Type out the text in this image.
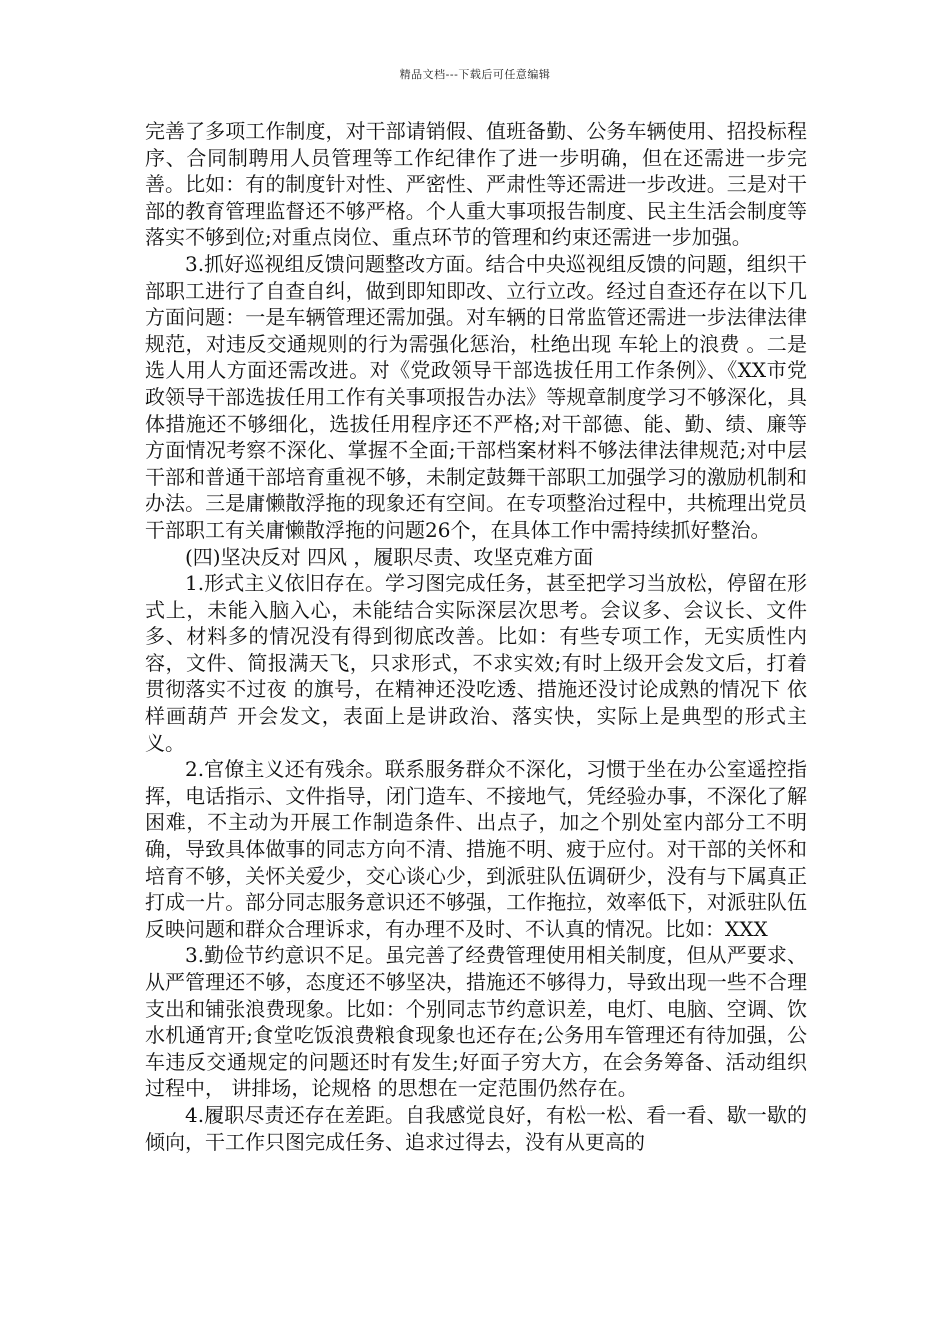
精品文档---下载后可任意编辑

完善了多项工作制度，对干部请销假、值班备勤、公务车辆使用、招投标程序、合同制聘用人员管理等工作纪律作了进一步明确，但在还需进一步完善。比如：有的制度针对性、严密性、严肃性等还需进一步改进。三是对干部的教育管理监督还不够严格。个人重大事项报告制度、民主生活会制度等落实不够到位;对重点岗位、重点环节的管理和约束还需进一步加强。

3.抓好巡视组反馈问题整改方面。结合中央巡视组反馈的问题，组织干部职工进行了自查自纠，做到即知即改、立行立改。经过自查还存在以下几方面问题：一是车辆管理还需加强。对车辆的日常监管还需进一步法律法律规范，对违反交通规则的行为需强化惩治，杜绝出现 车轮上的浪费 。二是选人用人方面还需改进。对《党政领导干部选拔任用工作条例》、《XX市党政领导干部选拔任用工作有关事项报告办法》等规章制度学习不够深化，具体措施还不够细化，选拔任用程序还不严格;对干部德、能、勤、绩、廉等方面情况考察不深化、掌握不全面;干部档案材料不够法律法律规范;对中层干部和普通干部培育重视不够，未制定鼓舞干部职工加强学习的激励机制和办法。三是庸懒散浮拖的现象还有空间。在专项整治过程中，共梳理出党员干部职工有关庸懒散浮拖的问题26个，在具体工作中需持续抓好整治。

(四)坚决反对 四风 ，履职尽责、攻坚克难方面

1.形式主义依旧存在。学习图完成任务，甚至把学习当放松，停留在形式上，未能入脑入心，未能结合实际深层次思考。会议多、会议长、文件多、材料多的情况没有得到彻底改善。比如：有些专项工作，无实质性内容，文件、简报满天飞，只求形式，不求实效;有时上级开会发文后，打着 贯彻落实不过夜 的旗号，在精神还没吃透、措施还没讨论成熟的情况下 依样画葫芦 开会发文，表面上是讲政治、落实快，实际上是典型的形式主义。

2.官僚主义还有残余。联系服务群众不深化，习惯于坐在办公室遥控指挥，电话指示、文件指导，闭门造车、不接地气，凭经验办事，不深化了解困难，不主动为开展工作制造条件、出点子，加之个别处室内部分工不明确，导致具体做事的同志方向不清、措施不明、疲于应付。对干部的关怀和培育不够，关怀关爱少，交心谈心少，到派驻队伍调研少，没有与下属真正打成一片。部分同志服务意识还不够强，工作拖拉，效率低下，对派驻队伍反映问题和群众合理诉求，有办理不及时、不认真的情况。比如：XXX

3.勤俭节约意识不足。虽完善了经费管理使用相关制度，但从严要求、从严管理还不够，态度还不够坚决，措施还不够得力，导致出现一些不合理支出和铺张浪费现象。比如：个别同志节约意识差，电灯、电脑、空调、饮水机通宵开;食堂吃饭浪费粮食现象也还存在;公务用车管理还有待加强，公车违反交通规定的问题还时有发生;好面子穷大方，在会务筹备、活动组织过程中， 讲排场，论规格 的思想在一定范围仍然存在。

4.履职尽责还存在差距。自我感觉良好，有松一松、看一看、歇一歇的倾向，干工作只图完成任务、追求过得去，没有从更高的
